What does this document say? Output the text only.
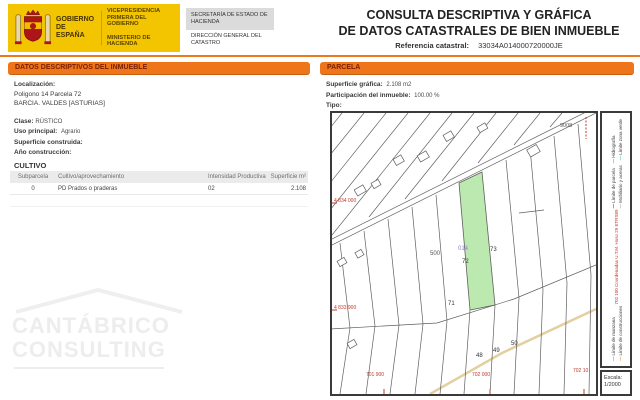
GOBIERNO
DE ESPAÑA
VICEPRESIDENCIA PRIMERA DEL GOBIERNO
MINISTERIO DE HACIENDA
SECRETARÍA DE ESTADO DE HACIENDA
DIRECCIÓN GENERAL DEL CATASTRO
CONSULTA DESCRIPTIVA Y GRÁFICA
DE DATOS CATASTRALES DE BIEN INMUEBLE
Referencia catastral: 33034A014000720000JE
DATOS DESCRIPTIVOS DEL INMUEBLE	PARCELA
Localización:
Poligono 14 Parcela 72
BARCIA. VALDES [ASTURIAS]
Clase: RÚSTICO
Uso principal: Agrario
Superficie construida:
Año construcción:
CULTIVO
Subparcela	Cultivo/aprovechamiento	Intensidad Productiva Superficie m²
0	PD Prados o praderas	02	2.108
CANTÁBRICO
CONSULTING
Superficie gráfica: 2.108 m2
Participación del inmueble: 100.00 %
Tipo:
9008
500
014
72
73
71
48
49
50
4 834 000
4 833 900
701 900	702 000
702 10
—Límite de manzana
—Límite de construcciones
702 100 Coordenadas U.T.M. Huso 29 ETRS89
—Límite de parcela
—Hidrografía
—Mobiliario y aceras
—Límite zona verde
Escala:
1/2000
